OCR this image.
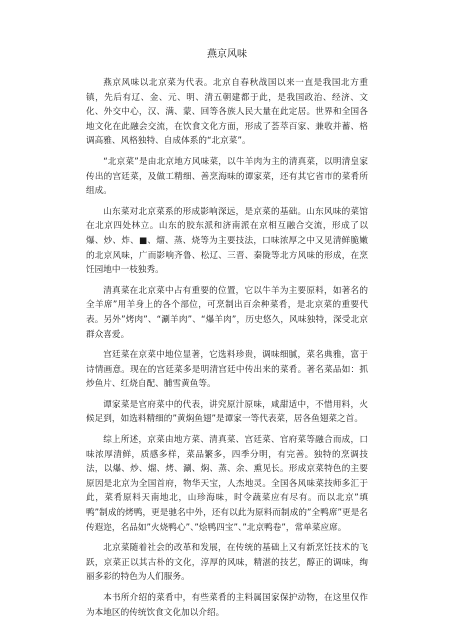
燕京风味

燕京风味以北京菜为代表。北京自春秋战国以来一直是我国北方重镇，先后有辽、金、元、明、清五朝建都于此，是我国政治、经济、文化、外交中心，汉、满、蒙、回等各族人民大量在此定居。世界和全国各地文化在此融会交流，在饮食文化方面，形成了荟萃百家、兼收并蓄、格调高雅、风格独特、自成体系的“北京菜”。

“北京菜”是由北京地方风味菜，以牛羊肉为主的清真菜，以明清皇家传出的宫廷菜，及做工精细、善烹海味的谭家菜，还有其它省市的菜肴所组成。

山东菜对北京菜系的形成影响深远，是京菜的基础。山东风味的菜馆在北京四处林立。山东的胶东派和济南派在京相互融合交流，形成了以爆、炒、炸、■、熘、蒸、烧等为主要技法，口味浓厚之中又见清鲜脆嫩的北京风味，广而影响齐鲁、松辽、三晋、秦陇等北方风味的形成，在烹饪园地中一枝独秀。

清真菜在北京菜中占有重要的位置，它以牛羊为主要原料，如著名的 全羊席”用羊身上的各个部位，可烹制出百余种菜肴，是北京菜的重要代表。另外”烤肉”、“涮羊肉”、“爆羊肉”，历史悠久，风味独特，深受北京群众喜爱。

宫廷菜在京菜中地位显著，它选料珍贵，调味细腻，菜名典雅，富于诗情画意。现在的宫廷菜多是明清宫廷中传出来的菜肴。著名菜品如：抓炒鱼片、红烧自配、脯雪黄鱼等。

谭家菜是官府菜中的代表，讲究原汁原味，咸甜适中，不惜用料，火候足到，如选料精细的”黄焖鱼翅”是谭家一等代表菜，居各鱼翅菜之首。

综上所述，京菜由地方菜、清真菜、宫廷菜、官府菜等融合而成，口味浓厚清鲜，质感多样，菜品繁多，四季分明，有完善。独特的烹调技法，以爆、炒、熘、烤、涮、焖、蒸、余、熏见长。形成京菜特色的主要原因是北京为全国首府，物华天宝，人杰地灵。全国各风味菜技师多汇于此，菜肴原料天南地北，山珍海味，时令蔬菜应有尽有。而以北京”填鸭”制成的烤鸭，更是驰名中外，还有以此为原料而制成的”全鸭席”更是名传遐迩，名品如”火烧鸭心”、”烩鸭四宝”、”北京鸭卷”，常单菜应席。

北京菜随着社会的改革和发展，在传统的基础上又有新烹饪技术的飞跃，京菜正以其古朴的文化，淳厚的风味，精湛的技艺，醇正的调味，绚丽多彩的特色为人们服务。

本书所介绍的菜肴中，有些菜肴的主料属国家保护动物，在这里仅作为本地区的传统饮食文化加以介绍。
